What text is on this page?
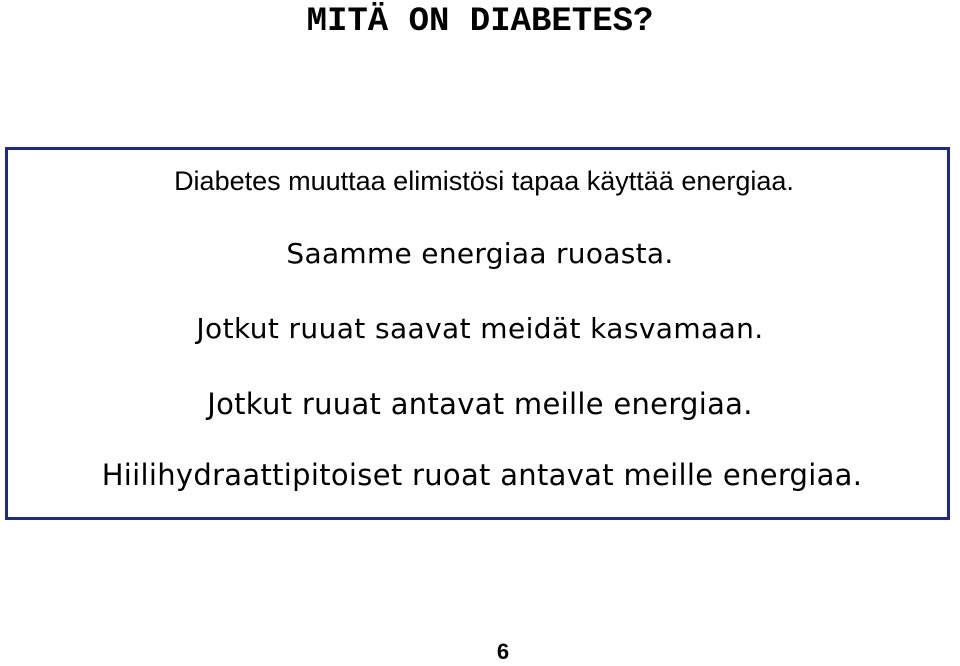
MITÄ ON DIABETES?
Diabetes muuttaa elimistösi tapaa käyttää energiaa.
Saamme energiaa ruoasta.
Jotkut ruuat saavat meidät kasvamaan.
Jotkut ruuat antavat meille energiaa.
Hiilihydraattipitoiset ruoat antavat meille energiaa.
6
